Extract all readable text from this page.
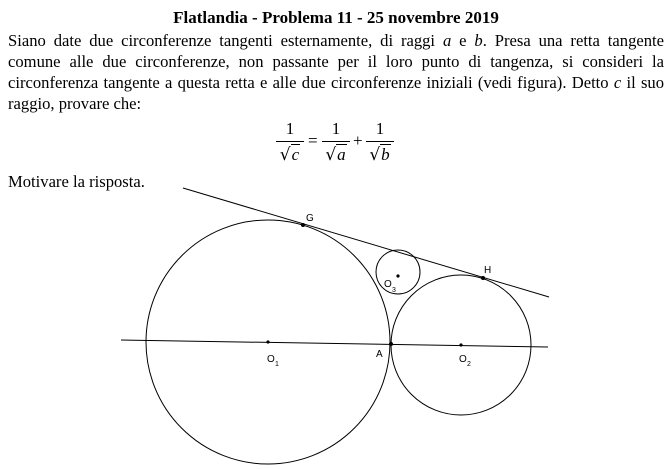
Flatlandia - Problema 11 - 25 novembre 2019
Siano date due circonferenze tangenti esternamente, di raggi a e b. Presa una retta tangente comune alle due circonferenze, non passante per il loro punto di tangenza, si consideri la circonferenza tangente a questa retta e alle due circonferenze iniziali (vedi figura). Detto c il suo raggio, provare che:
1
√c
=
1
√a
+
1
√b
Motivare la risposta.
G
H
A
O 1	O 2
O
3
